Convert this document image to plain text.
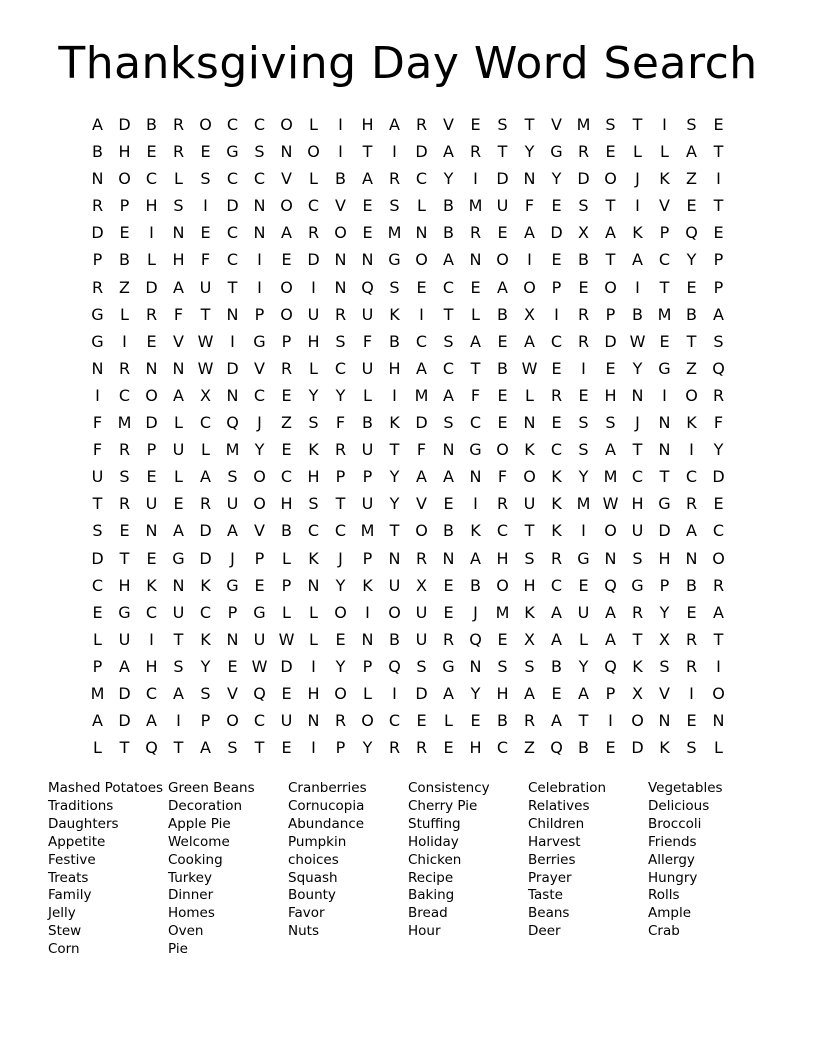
Thanksgiving Day Word Search
A D B R O C C O	L	I	H A R V	E	S	T	V M S	T	I	S	E
B H E	R	E G S N O	I	T	I	D A R	T	Y G R	E	L	L	A	T
N O C	L	S	C C V	L	B	A R C	Y	I	D N	Y D O	J	K	Z	I
R	P	H S	I	D N O C V	E	S	L	B M U	F	E	S	T	I	V	E	T
D E	I	N E	C N A R O E M N B R	E	A D X	A	K	P Q E
P	B	L	H	F	C	I	E D N N G O A N O	I	E	B	T	A C	Y	P
R Z D A U	T	I	O	I	N Q S	E	C	E	A O P	E O	I	T	E	P
G	L	R	F	T	N	P O U R U K	I	T	L	B	X	I	R	P	B M B	A
G	I	E	V W	I	G P	H S	F	B C	S	A	E	A C R D W E	T	S
N R N N W D V R	L	C U H A C	T	B W E	I	E	Y G Z Q
I	C O A	X N C	E	Y	Y	L	I	M A	F	E	L	R	E H N	I	O R
F M D	L	C Q	J	Z	S	F	B	K D S	C	E N E	S	S	J	N K	F
F	R	P	U	L M Y	E	K	R U	T	F	N G O K	C	S	A	T	N	I	Y
U	S	E	L	A	S O C H	P	P	Y	A	A N	F	O K	Y M C	T	C D
T	R U	E	R U O H S	T	U	Y	V	E	I	R U K M W H G R	E
S	E N A D A	V	B C C M T O B	K	C	T	K	I	O U D A C
D T	E G D	J	P	L	K	J	P	N R N A H S	R G N S H N O
C H K N K G E	P	N	Y	K U X	E	B O H C	E Q G P	B R
E G C U C	P G	L	L	O	I	O U	E	J	M K	A U A R	Y	E	A
L	U	I	T	K N U W L	E N B U R Q E	X	A	L	A	T	X R	T
P	A H S	Y	E W D	I	Y	P Q S G N S	S	B	Y Q K	S	R	I
M D C A	S	V Q E H O	L	I	D A	Y	H A	E	A	P	X	V	I	O
A D A	I	P O C U N R O C	E	L	E	B R A	T	I	O N E N
L	T Q T	A	S	T	E	I	P	Y	R R	E H C Z Q B	E D K	S	L
Mashed Potatoes
Traditions
Daughters
Appetite
Festive
Treats
Family
Jelly
Stew
Corn
Green Beans
Decoration
Apple Pie
Welcome
Cooking
Turkey
Dinner
Homes
Oven
Pie
Cranberries
Cornucopia
Abundance
Pumpkin
choices
Squash
Bounty
Favor
Nuts
Consistency
Cherry Pie
Stuffing
Holiday
Chicken
Recipe
Baking
Bread
Hour
Celebration
Relatives
Children
Harvest
Berries
Prayer
Taste
Beans
Deer
Vegetables
Delicious
Broccoli
Friends
Allergy
Hungry
Rolls
Ample
Crab
